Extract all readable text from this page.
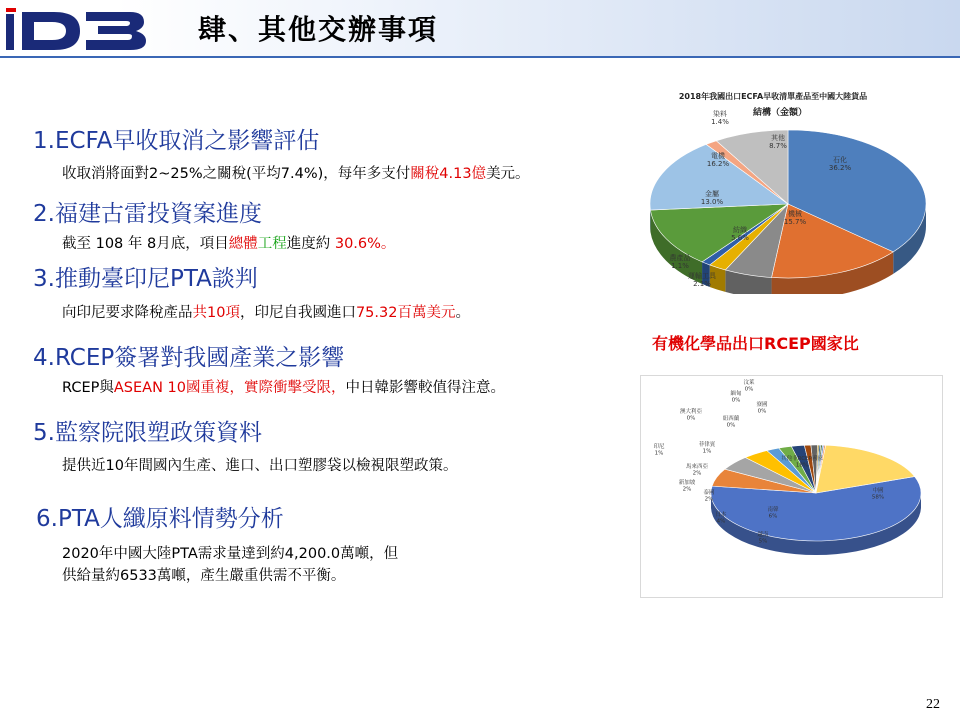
肆、其他交辦事項
1.ECFA早收取消之影響評估
收取消將面對2~25%之關稅(平均7.4%)，每年多支付關稅4.13億美元。
2.福建古雷投資案進度
截至 108 年 8月底，項目總體工程進度約 30.6%。
3.推動臺印尼PTA談判
向印尼要求降稅產品共10項，印尼自我國進口75.32百萬美元。
4.RCEP簽署對我國產業之影響
RCEP與ASEAN 10國重複，實際衝擊受限，中日韓影響較值得注意。
5.監察院限塑政策資料
提供近10年間國內生產、進口、出口塑膠袋以檢視限塑政策。
6.PTA人纖原料情勢分析
2020年中國大陸PTA需求量達到約4,200.0萬噸，但
供給量約6533萬噸，產生嚴重供需不平衡。
2018年我國出口ECFA早收清單產品至中國大陸貨品
結構（金額）
石化
36.2%
機械
15.7%
紡織
5.6%
運輸工具
2.1%
農產品
1.1%
金屬
13.0%
電機
16.2%
染料
1.4%
其他
8.7%
有機化學品出口RCEP國家比
中國
58%
南韓
6%
越南
5%
日本
4%
泰國
2%
新加坡
2%
馬來西亞
2%
菲律賓
1%
印尼
1%
澳大利亞
0%	紐西蘭
0%
緬甸
0%
汶萊
0%
寮國
0%
其他非RCEP國家
18%
22
